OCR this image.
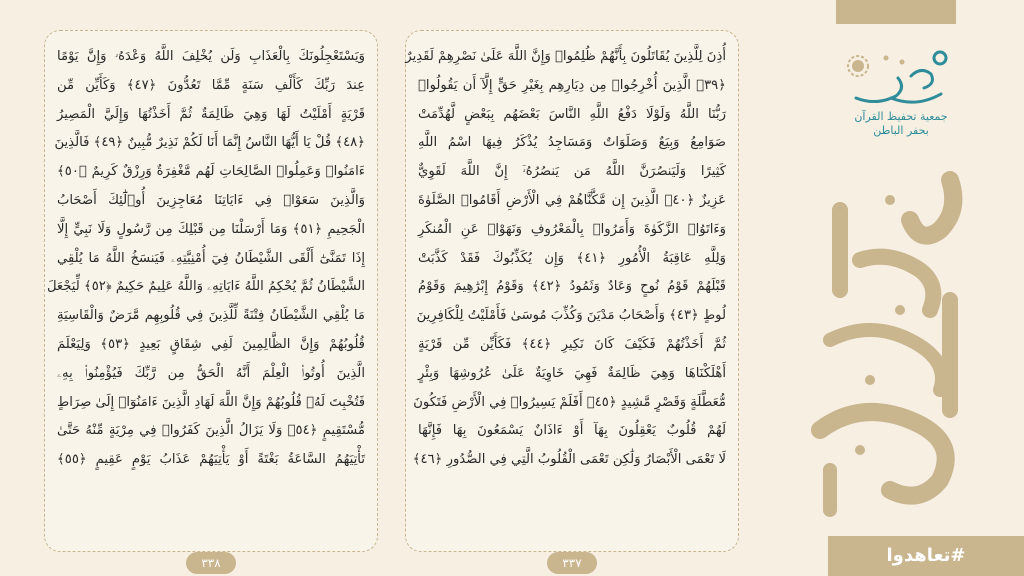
وَيَسْتَعْجِلُونَكَ بِالْعَذَابِ وَلَن يُخْلِفَ اللَّهُ وَعْدَهُۥ وَإِنَّ يَوْمًا
عِندَ رَبِّكَ كَأَلْفِ سَنَةٍ مِّمَّا تَعُدُّونَ ﴿٤٧﴾ وَكَأَيِّن مِّن
قَرْيَةٍ أَمْلَيْتُ لَهَا وَهِيَ ظَالِمَةٌ ثُمَّ أَخَذْتُهَا وَإِلَيَّ الْمَصِيرُ
﴿٤٨﴾ قُلْ يَا أَيُّهَا النَّاسُ إِنَّمَا أَنَا لَكُمْ نَذِيرٌ مُّبِينٌ ﴿٤٩﴾ فَالَّذِينَ
ءَامَنُوا۟ وَعَمِلُوا۟ الصَّالِحَاتِ لَهُم مَّغْفِرَةٌ وَرِزْقٌ كَرِيمٌ ﴿٥٠﴾
وَالَّذِينَ سَعَوْا۟ فِي ءَايَاتِنَا مُعَاجِزِينَ أُو۟لَٰٓئِكَ أَصْحَابُ
الْجَحِيمِ ﴿٥١﴾ وَمَا أَرْسَلْنَا مِن قَبْلِكَ مِن رَّسُولٍ وَلَا نَبِيٍّ إِلَّا
إِذَا تَمَنَّىٰٓ أَلْقَى الشَّيْطَانُ فِيٓ أُمْنِيَّتِهِۦ فَيَنسَخُ اللَّهُ مَا يُلْقِي
الشَّيْطَانُ ثُمَّ يُحْكِمُ اللَّهُ ءَايَاتِهِۦ وَاللَّهُ عَلِيمٌ حَكِيمٌ ﴿٥٢﴾ لِّيَجْعَلَ
مَا يُلْقِي الشَّيْطَانُ فِتْنَةً لِّلَّذِينَ فِي قُلُوبِهِم مَّرَضٌ وَالْقَاسِيَةِ
قُلُوبُهُمْ وَإِنَّ الظَّالِمِينَ لَفِي شِقَاقٍ بَعِيدٍ ﴿٥٣﴾ وَلِيَعْلَمَ
الَّذِينَ أُوتُوا۟ الْعِلْمَ أَنَّهُ الْحَقُّ مِن رَّبِّكَ فَيُؤْمِنُوا۟ بِهِۦ
فَتُخْبِتَ لَهُۥ قُلُوبُهُمْ وَإِنَّ اللَّهَ لَهَادِ الَّذِينَ ءَامَنُوٓا۟ إِلَىٰ صِرَاطٍ
مُّسْتَقِيمٍ ﴿٥٤﴾ وَلَا يَزَالُ الَّذِينَ كَفَرُوا۟ فِي مِرْيَةٍ مِّنْهُ حَتَّىٰ
تَأْتِيَهُمُ السَّاعَةُ بَغْتَةً أَوْ يَأْتِيَهُمْ عَذَابُ يَوْمٍ عَقِيمٍ ﴿٥٥﴾
٣٣٨
أُذِنَ لِلَّذِينَ يُقَاتَلُونَ بِأَنَّهُمْ ظُلِمُوا۟ وَإِنَّ اللَّهَ عَلَىٰ نَصْرِهِمْ لَقَدِيرٌ
﴿٣٩﴾ الَّذِينَ أُخْرِجُوا۟ مِن دِيَارِهِم بِغَيْرِ حَقٍّ إِلَّآ أَن يَقُولُوا۟
رَبُّنَا اللَّهُ وَلَوْلَا دَفْعُ اللَّهِ النَّاسَ بَعْضَهُم بِبَعْضٍ لَّهُدِّمَتْ
صَوَامِعُ وَبِيَعٌ وَصَلَوَاتٌ وَمَسَاجِدُ يُذْكَرُ فِيهَا اسْمُ اللَّهِ
كَثِيرًا وَلَيَنصُرَنَّ اللَّهُ مَن يَنصُرُهُۥٓ إِنَّ اللَّهَ لَقَوِيٌّ
عَزِيزٌ ﴿٤٠﴾ الَّذِينَ إِن مَّكَّنَّاهُمْ فِي الْأَرْضِ أَقَامُوا۟ الصَّلَوٰةَ
وَءَاتَوُا۟ الزَّكَوٰةَ وَأَمَرُوا۟ بِالْمَعْرُوفِ وَنَهَوْا۟ عَنِ الْمُنكَرِ
وَلِلَّهِ عَاقِبَةُ الْأُمُورِ ﴿٤١﴾ وَإِن يُكَذِّبُوكَ فَقَدْ كَذَّبَتْ
قَبْلَهُمْ قَوْمُ نُوحٍ وَعَادٌ وَثَمُودُ ﴿٤٢﴾ وَقَوْمُ إِبْرَٰهِيمَ وَقَوْمُ
لُوطٍ ﴿٤٣﴾ وَأَصْحَابُ مَدْيَنَ وَكُذِّبَ مُوسَىٰ فَأَمْلَيْتُ لِلْكَافِرِينَ
ثُمَّ أَخَذْتُهُمْ فَكَيْفَ كَانَ نَكِيرِ ﴿٤٤﴾ فَكَأَيِّن مِّن قَرْيَةٍ
أَهْلَكْنَاهَا وَهِيَ ظَالِمَةٌ فَهِيَ خَاوِيَةٌ عَلَىٰ عُرُوشِهَا وَبِئْرٍ
مُّعَطَّلَةٍ وَقَصْرٍ مَّشِيدٍ ﴿٤٥﴾ أَفَلَمْ يَسِيرُوا۟ فِي الْأَرْضِ فَتَكُونَ
لَهُمْ قُلُوبٌ يَعْقِلُونَ بِهَآ أَوْ ءَاذَانٌ يَسْمَعُونَ بِهَا فَإِنَّهَا
لَا تَعْمَى الْأَبْصَارُ وَلَٰكِن تَعْمَى الْقُلُوبُ الَّتِي فِي الصُّدُورِ ﴿٤٦﴾
٣٣٧
جمعية تحفيظ القرآن
بحفر الباطن
#تعاهدوا
